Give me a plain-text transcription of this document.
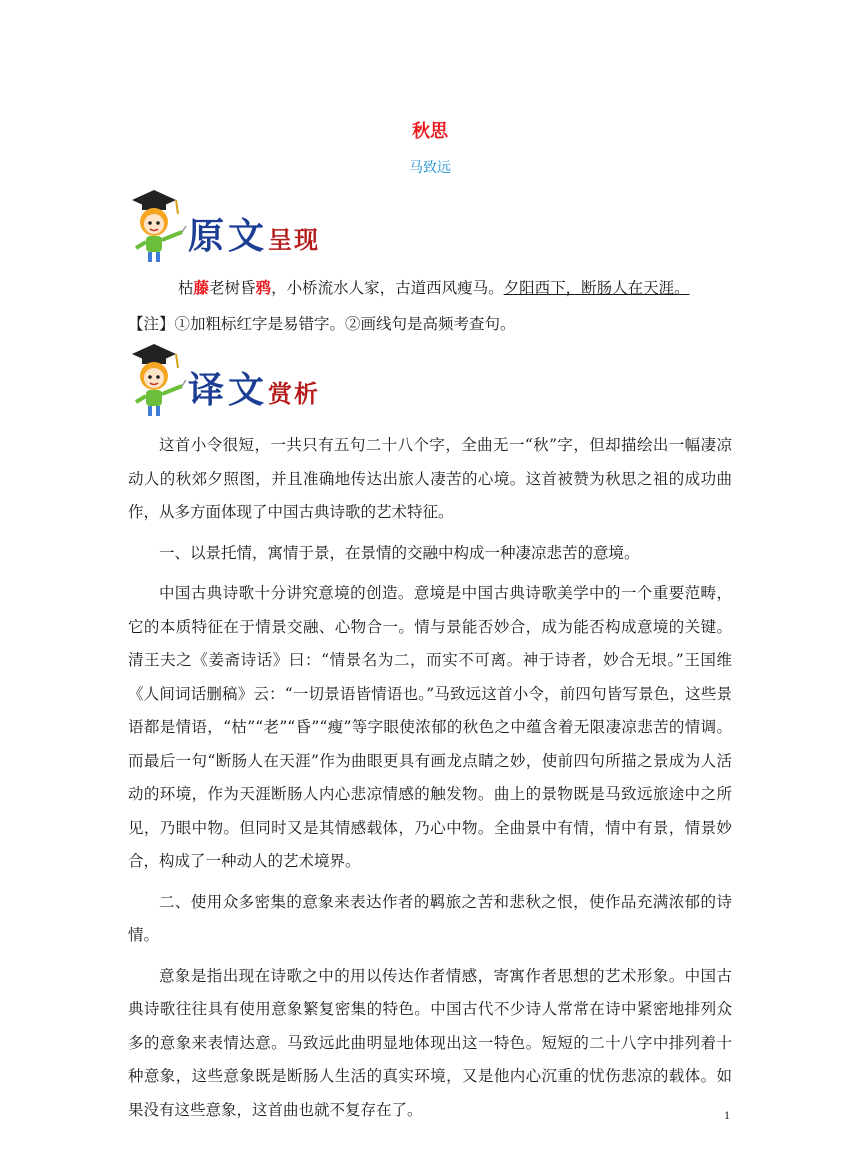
秋思
马致远
原文呈现
枯藤老树昏鸦，小桥流水人家，古道西风瘦马。夕阳西下，断肠人在天涯。
【注】①加粗标红字是易错字。②画线句是高频考查句。
译文赏析

这首小令很短，一共只有五句二十八个字，全曲无一“秋”字，但却描绘出一幅凄凉动人的秋郊夕照图，并且准确地传达出旅人凄苦的心境。这首被赞为秋思之祖的成功曲作，从多方面体现了中国古典诗歌的艺术特征。

一、以景托情，寓情于景，在景情的交融中构成一种凄凉悲苦的意境。

中国古典诗歌十分讲究意境的创造。意境是中国古典诗歌美学中的一个重要范畴，它的本质特征在于情景交融、心物合一。情与景能否妙合，成为能否构成意境的关键。清王夫之《姜斋诗话》曰：“情景名为二，而实不可离。神于诗者，妙合无垠。”王国维《人间词话删稿》云：“一切景语皆情语也。”马致远这首小令，前四句皆写景色，这些景语都是情语，“枯”“老”“昏”“瘦”等字眼使浓郁的秋色之中蕴含着无限凄凉悲苦的情调。而最后一句“断肠人在天涯”作为曲眼更具有画龙点睛之妙，使前四句所描之景成为人活动的环境，作为天涯断肠人内心悲凉情感的触发物。曲上的景物既是马致远旅途中之所见，乃眼中物。但同时又是其情感载体，乃心中物。全曲景中有情，情中有景，情景妙合，构成了一种动人的艺术境界。

二、使用众多密集的意象来表达作者的羁旅之苦和悲秋之恨，使作品充满浓郁的诗情。

意象是指出现在诗歌之中的用以传达作者情感，寄寓作者思想的艺术形象。中国古典诗歌往往具有使用意象繁复密集的特色。中国古代不少诗人常常在诗中紧密地排列众多的意象来表情达意。马致远此曲明显地体现出这一特色。短短的二十八字中排列着十种意象，这些意象既是断肠人生活的真实环境，又是他内心沉重的忧伤悲凉的载体。如果没有这些意象，这首曲也就不复存在了。	1
